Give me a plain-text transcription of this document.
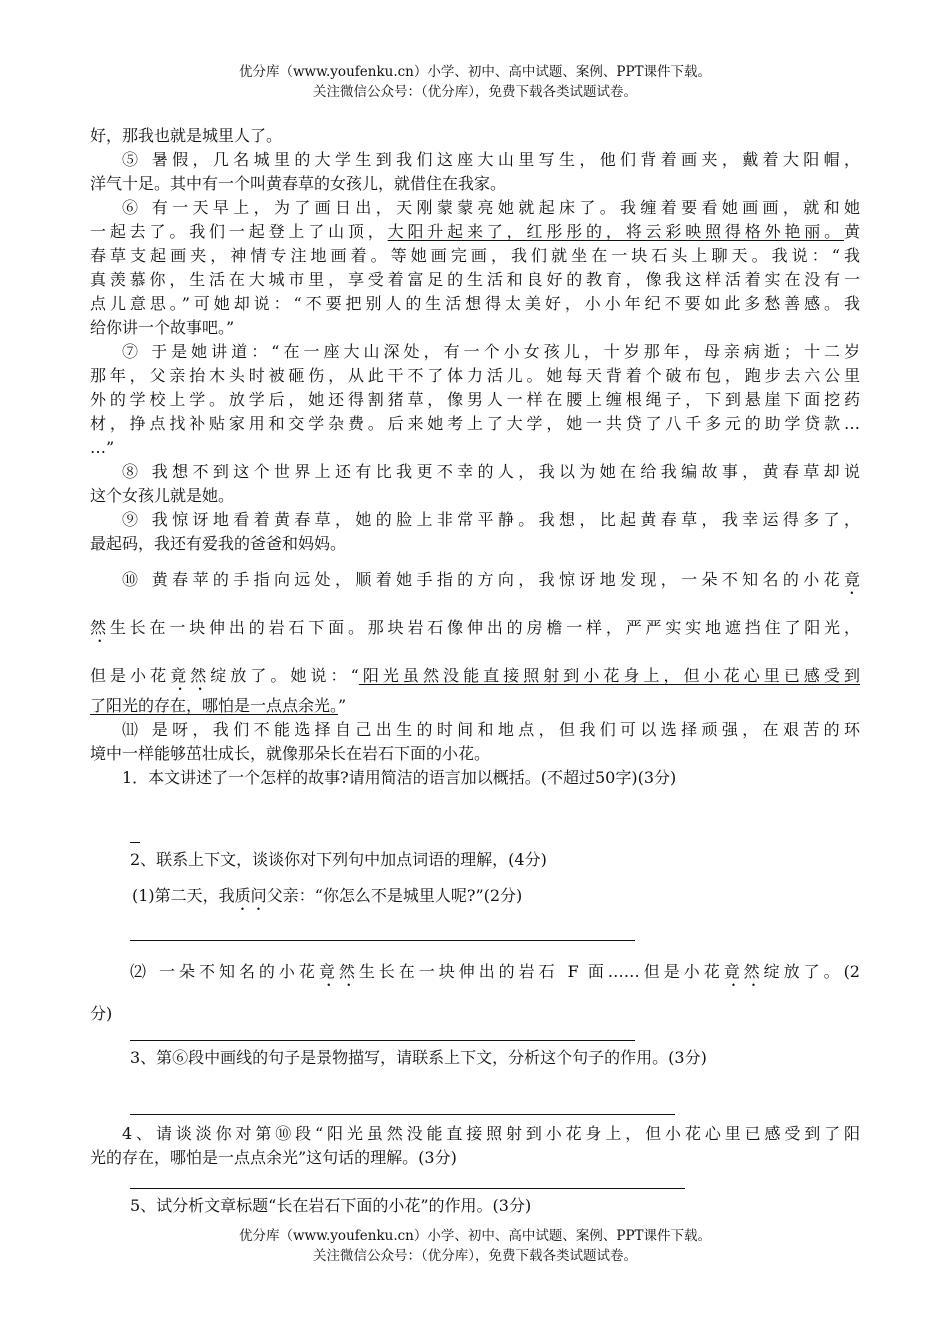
优分库（www.youfenku.cn）小学、初中、高中试题、案例、PPT课件下载。
关注微信公众号：（优分库），免费下载各类试题试卷。
好，那我也就是城里人了。
⑤ 暑假，几名城里的大学生到我们这座大山里写生，他们背着画夹，戴着大阳帽，
洋气十足。其中有一个叫黄春草的女孩儿，就借住在我家。
⑥ 有一天早上，为了画日出，天刚蒙蒙亮她就起床了。我缠着要看她画画，就和她
一起去了。我们一起登上了山顶，大阳升起来了，红彤彤的，将云彩映照得格外艳丽。黄
春草支起画夹，神情专注地画着。等她画完画，我们就坐在一块石头上聊天。我说：“我
真羡慕你，生活在大城市里，享受着富足的生活和良好的教育，像我这样活着实在没有一
点儿意思。”可她却说：“不要把别人的生活想得太美好，小小年纪不要如此多愁善感。我
给你讲一个故事吧。”
⑦ 于是她讲道：“在一座大山深处，有一个小女孩儿，十岁那年，母亲病逝；十二岁
那年，父亲抬木头时被砸伤，从此干不了体力活儿。她每天背着个破布包，跑步去六公里
外的学校上学。放学后，她还得割猪草，像男人一样在腰上缠根绳子，下到悬崖下面挖药
材，挣点找补贴家用和交学杂费。后来她考上了大学，她一共贷了八千多元的助学贷款…
…”
⑧ 我想不到这个世界上还有比我更不幸的人，我以为她在给我编故事，黄春草却说
这个女孩儿就是她。
⑨ 我惊讶地看着黄春草，她的脸上非常平静。我想，比起黄春草，我幸运得多了，
最起码，我还有爱我的爸爸和妈妈。
⑩ 黄春苹的手指向远处，顺着她手指的方向，我惊讶地发现，一朵不知名的小花竟
然生长在一块伸出的岩石下面。那块岩石像伸出的房檐一样，严严实实地遮挡住了阳光，
但是小花竟然绽放了。她说：“阳光虽然没能直接照射到小花身上，但小花心里已感受到
了阳光的存在，哪怕是一点点余光。”
⑾ 是呀，我们不能选择自己出生的时间和地点，但我们可以选择顽强，在艰苦的环
境中一样能够茁壮成长，就像那朵长在岩石下面的小花。
1．本文讲述了一个怎样的故事?请用简洁的语言加以概括。(不超过50字)(3分)
2、联系上下文，谈谈你对下列句中加点词语的理解，(4分)
(1)第二天，我质问父亲：“你怎么不是城里人呢?”(2分)
⑵ 一朵不知名的小花竟然生长在一块伸出的岩石 F 面……但是小花竟然绽放了。(2
分)
3、第⑥段中画线的句子是景物描写，请联系上下文，分析这个句子的作用。(3分)
4、请谈淡你对第⑩段“阳光虽然没能直接照射到小花身上，但小花心里已感受到了阳
光的存在，哪怕是一点点余光”这句话的理解。(3分)
5、试分析文章标题“长在岩石下面的小花”的作用。(3分)
优分库（www.youfenku.cn）小学、初中、高中试题、案例、PPT课件下载。
关注微信公众号：（优分库），免费下载各类试题试卷。
